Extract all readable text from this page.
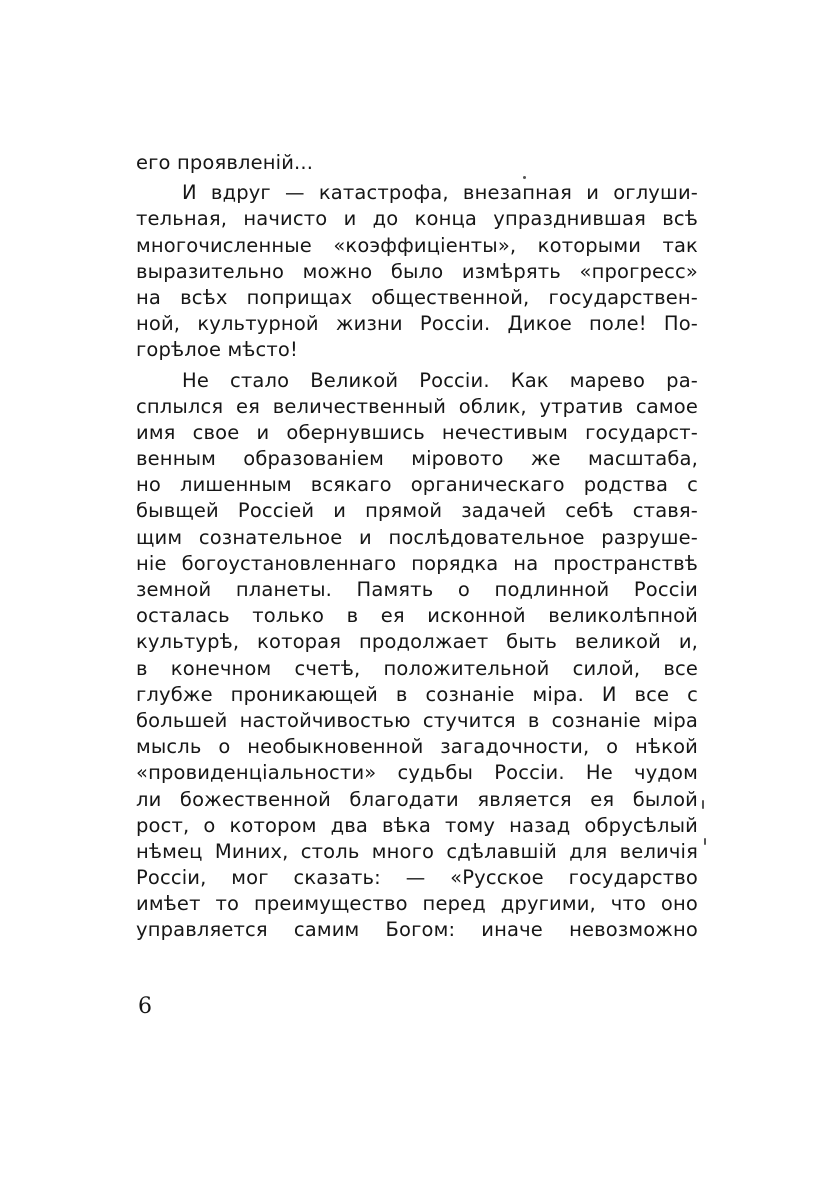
его проявленій...
И вдруг — катастрофа, внезапная и оглуши-
тельная, начисто и до конца упразднившая всѣ
многочисленные «коэффиціенты», которыми так
выразительно можно было измѣрять «прогресс»
на всѣх поприщах общественной, государствен-
ной, культурной жизни Россіи. Дикое поле! По-
горѣлое мѣсто!
Не стало Великой Россіи. Как марево ра-
сплылся ея величественный облик, утратив самое
имя свое и обернувшись нечестивым государст-
венным образованіем міровото же масштаба,
но лишенным всякаго органическаго родства с
бывщей Россіей и прямой задачей себѣ ставя-
щим сознательное и послѣдовательное разруше-
ніе богоустановленнаго порядка на пространствѣ
земной планеты. Память о подлинной Россіи
осталась только в ея исконной великолѣпной
культурѣ, которая продолжает быть великой и,
в конечном счетѣ, положительной силой, все
глубже проникающей в сознаніе міра. И все с
большей настойчивостью стучится в сознаніе міра
мысль о необыкновенной загадочности, о нѣкой
«провиденціальности» судьбы Россіи. Не чудом
ли божественной благодати является ея былой
рост, о котором два вѣка тому назад обрусѣлый
нѣмец Миних, столь много сдѣлавшій для величія
Россіи, мог сказать: — «Русское государство
имѣет то преимущество перед другими, что оно
управляется самим Богом: иначе невозможно
6
